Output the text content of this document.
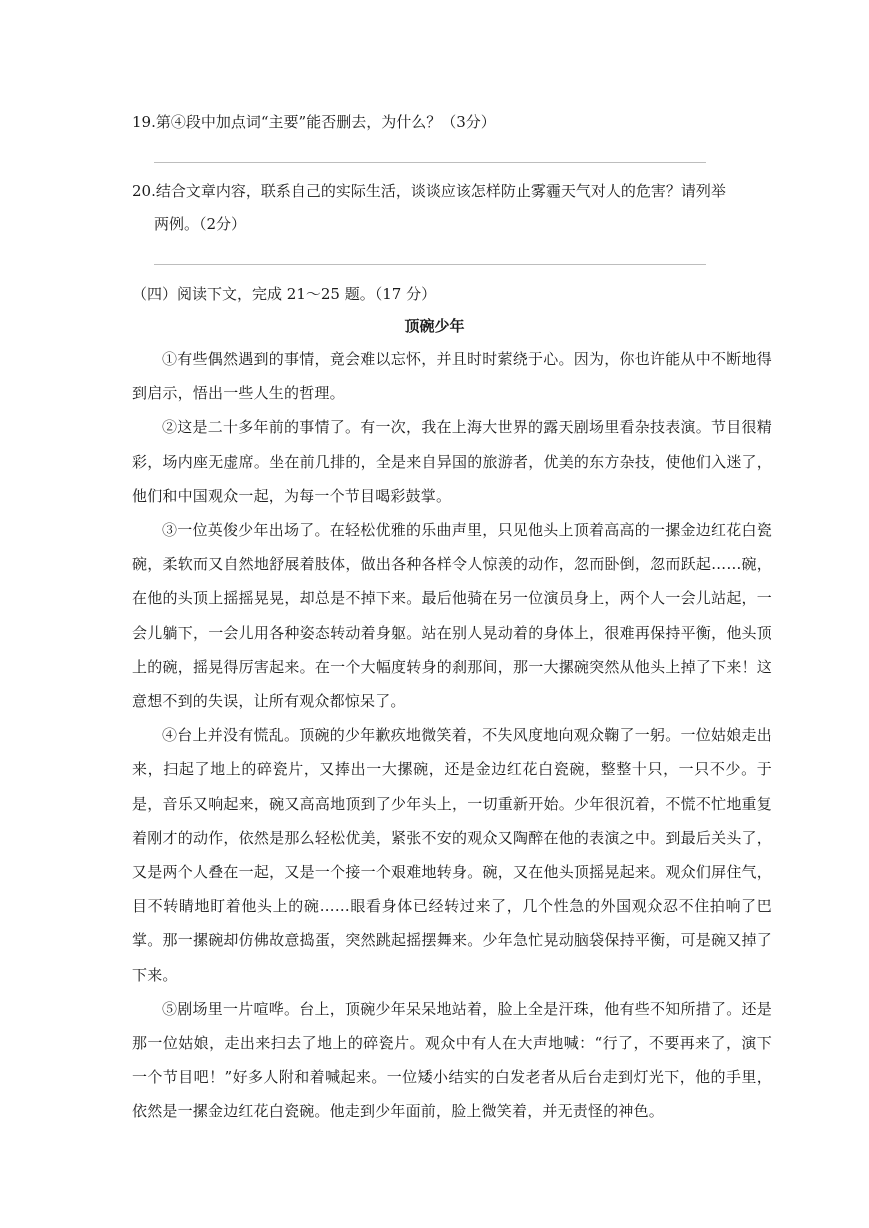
19.第④段中加点词“主要”能否删去，为什么？（3分）

20.结合文章内容，联系自己的实际生活，谈谈应该怎样防止雾霾天气对人的危害？请列举

两例。（2分）

（四）阅读下文，完成 21～25 题。（17 分）

顶碗少年

①有些偶然遇到的事情，竟会难以忘怀，并且时时萦绕于心。因为，你也许能从中不断地得到启示，悟出一些人生的哲理。

②这是二十多年前的事情了。有一次，我在上海大世界的露天剧场里看杂技表演。节目很精彩，场内座无虚席。坐在前几排的，全是来自异国的旅游者，优美的东方杂技，使他们入迷了，他们和中国观众一起，为每一个节目喝彩鼓掌。

③一位英俊少年出场了。在轻松优雅的乐曲声里，只见他头上顶着高高的一摞金边红花白瓷碗，柔软而又自然地舒展着肢体，做出各种各样令人惊羡的动作，忽而卧倒，忽而跃起……碗，在他的头顶上摇摇晃晃，却总是不掉下来。最后他骑在另一位演员身上，两个人一会儿站起，一会儿躺下，一会儿用各种姿态转动着身躯。站在别人晃动着的身体上，很难再保持平衡，他头顶上的碗，摇晃得厉害起来。在一个大幅度转身的刹那间，那一大摞碗突然从他头上掉了下来！这意想不到的失误，让所有观众都惊呆了。

④台上并没有慌乱。顶碗的少年歉疚地微笑着，不失风度地向观众鞠了一躬。一位姑娘走出来，扫起了地上的碎瓷片，又捧出一大摞碗，还是金边红花白瓷碗，整整十只，一只不少。于是，音乐又响起来，碗又高高地顶到了少年头上，一切重新开始。少年很沉着，不慌不忙地重复着刚才的动作，依然是那么轻松优美，紧张不安的观众又陶醉在他的表演之中。到最后关头了，又是两个人叠在一起，又是一个接一个艰难地转身。碗，又在他头顶摇晃起来。观众们屏住气，目不转睛地盯着他头上的碗……眼看身体已经转过来了，几个性急的外国观众忍不住拍响了巴掌。那一摞碗却仿佛故意捣蛋，突然跳起摇摆舞来。少年急忙晃动脑袋保持平衡，可是碗又掉了下来。

⑤剧场里一片喧哗。台上，顶碗少年呆呆地站着，脸上全是汗珠，他有些不知所措了。还是那一位姑娘，走出来扫去了地上的碎瓷片。观众中有人在大声地喊：“行了，不要再来了，演下一个节目吧！”好多人附和着喊起来。一位矮小结实的白发老者从后台走到灯光下，他的手里，依然是一摞金边红花白瓷碗。他走到少年面前，脸上微笑着，并无责怪的神色。
